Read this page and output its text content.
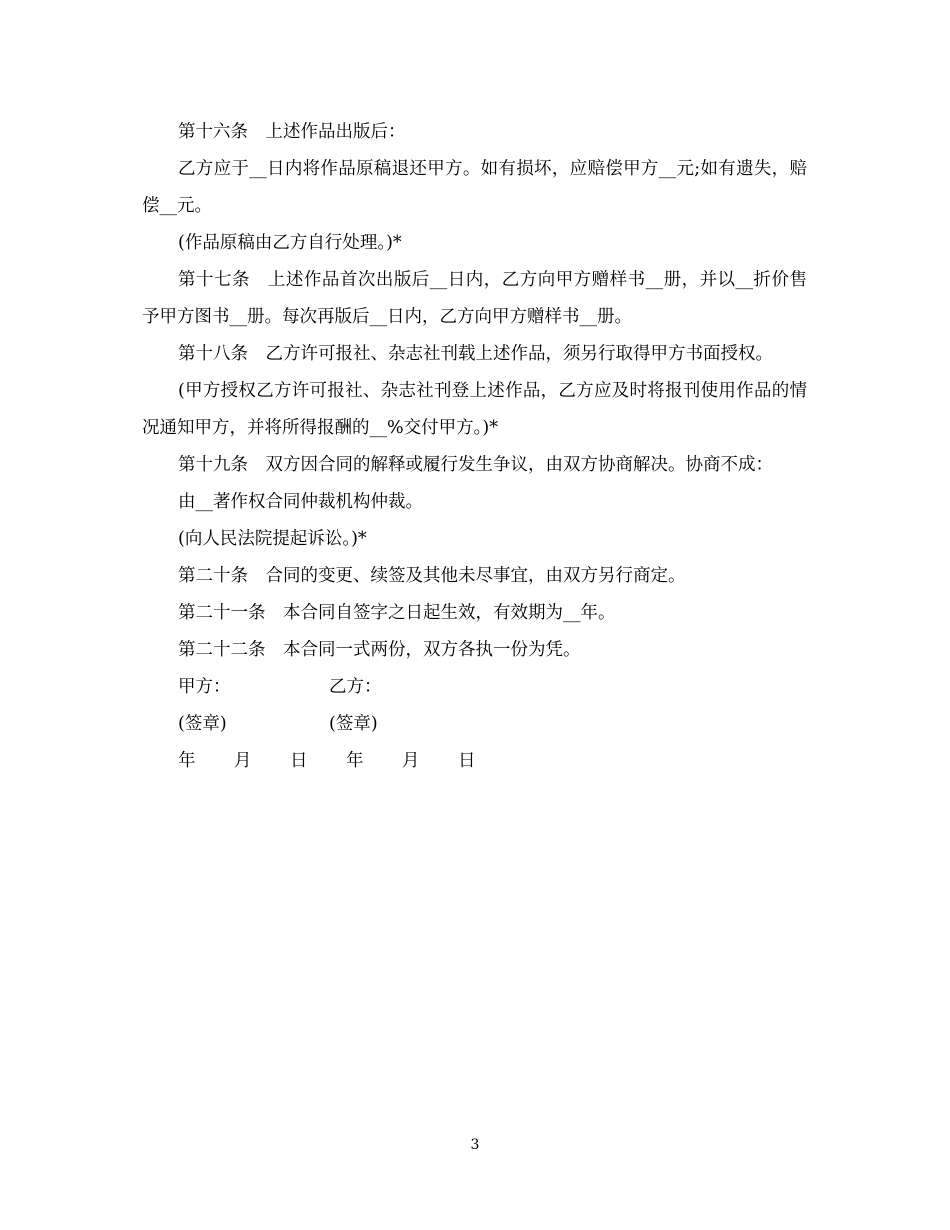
第十六条　上述作品出版后：

乙方应于__日内将作品原稿退还甲方。如有损坏，应赔偿甲方__元;如有遗失，赔偿__元。

(作品原稿由乙方自行处理。)*

第十七条　上述作品首次出版后__日内，乙方向甲方赠样书__册，并以__折价售予甲方图书__册。每次再版后__日内，乙方向甲方赠样书__册。

第十八条　乙方许可报社、杂志社刊载上述作品，须另行取得甲方书面授权。

(甲方授权乙方许可报社、杂志社刊登上述作品，乙方应及时将报刊使用作品的情况通知甲方，并将所得报酬的__%交付甲方。)*

第十九条　双方因合同的解释或履行发生争议，由双方协商解决。协商不成：

由__著作权合同仲裁机构仲裁。

(向人民法院提起诉讼。)*

第二十条　合同的变更、续签及其他未尽事宜，由双方另行商定。

第二十一条　本合同自签字之日起生效，有效期为__年。

第二十二条　本合同一式两份，双方各执一份为凭。

甲方：	乙方：
(签章)	(签章)
年 月 日 年 月 日
3
